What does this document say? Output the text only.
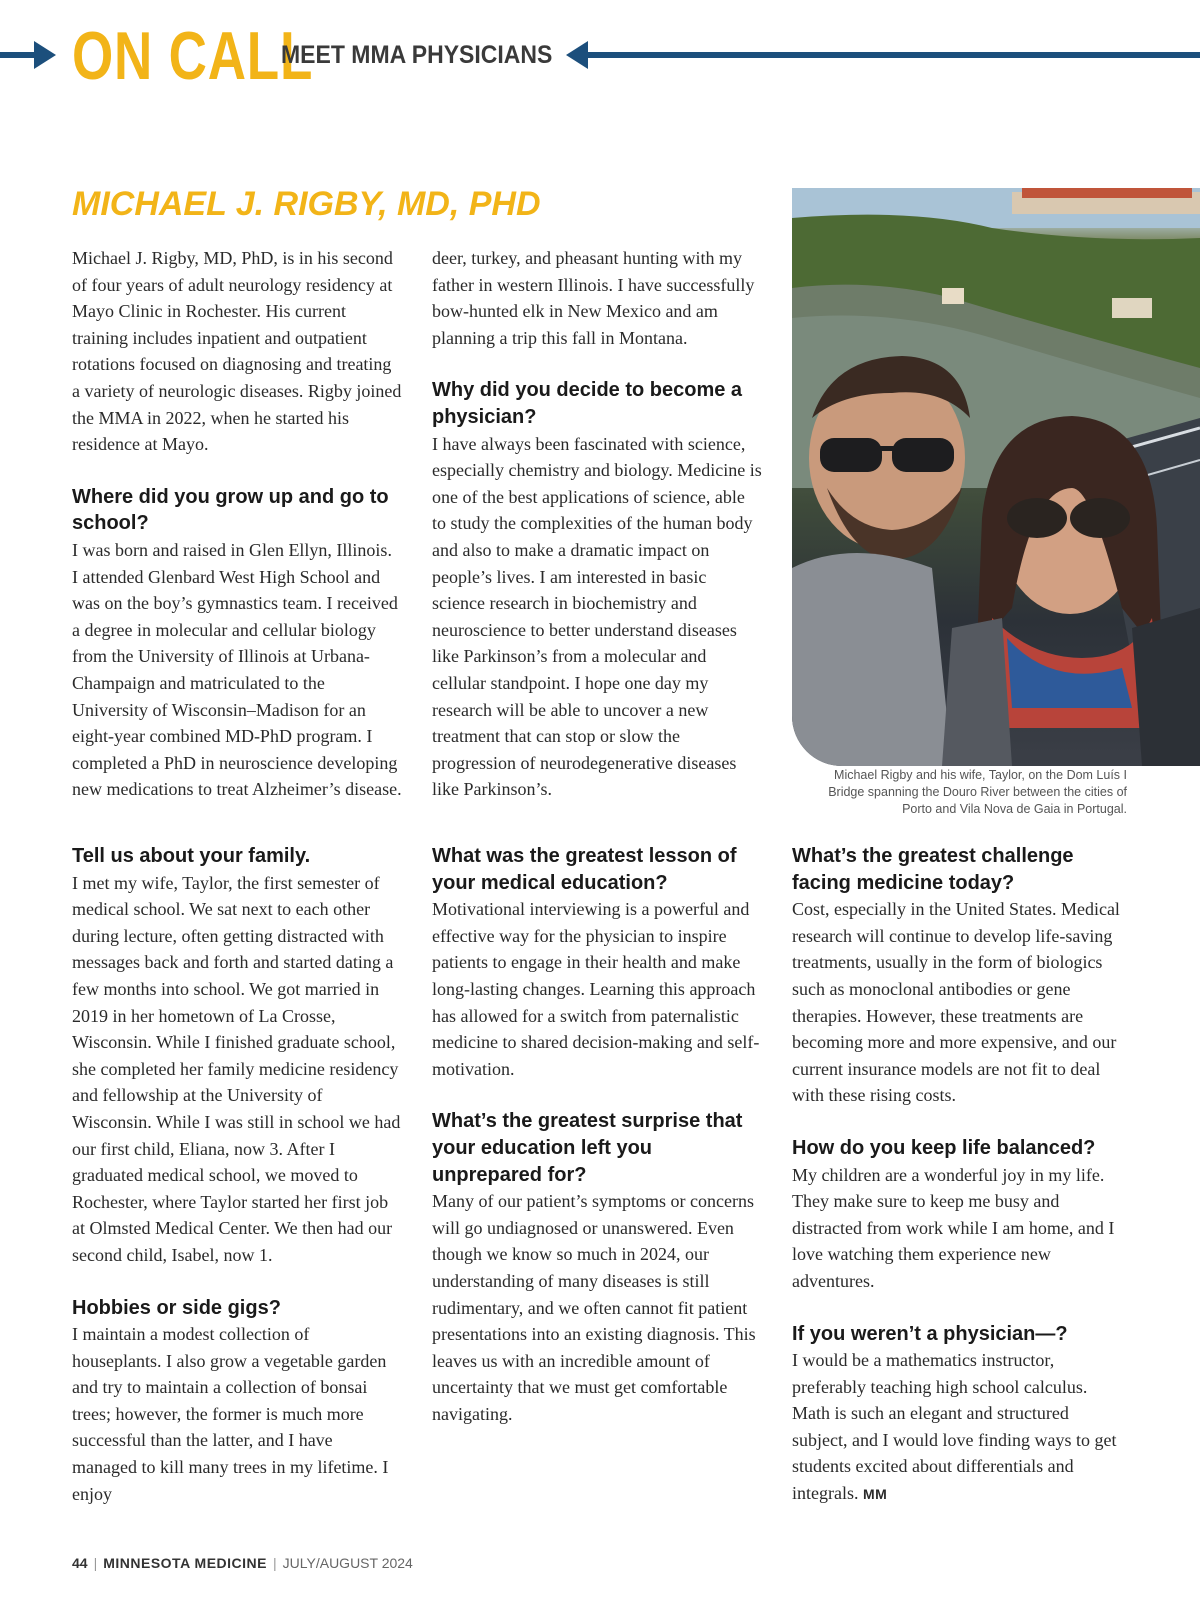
ON CALL
MEET MMA PHYSICIANS
MICHAEL J. RIGBY, MD, PHD

Michael J. Rigby, MD, PhD, is in his second of four years of adult neurology residency at Mayo Clinic in Rochester. His current training includes inpatient and outpatient rotations focused on diagnosing and treating a variety of neurologic diseases. Rigby joined the MMA in 2022, when he started his residence at Mayo.

Where did you grow up and go to school?

I was born and raised in Glen Ellyn, Illinois. I attended Glenbard West High School and was on the boy’s gymnastics team. I received a degree in molecular and cellular biology from the University of Illinois at Urbana-Champaign and matriculated to the University of Wisconsin–Madison for an eight-year combined MD-PhD program. I completed a PhD in neuroscience developing new medications to treat Alzheimer’s disease.

deer, turkey, and pheasant hunting with my father in western Illinois. I have successfully bow-hunted elk in New Mexico and am planning a trip this fall in Montana.

Why did you decide to become a physician?

I have always been fascinated with science, especially chemistry and biology. Medicine is one of the best applications of science, able to study the complexities of the human body and also to make a dramatic impact on people’s lives. I am interested in basic science research in biochemistry and neuroscience to better understand diseases like Parkinson’s from a molecular and cellular standpoint. I hope one day my research will be able to uncover a new treatment that can stop or slow the progression of neurodegenerative diseases like Parkinson’s.

Michael Rigby and his wife, Taylor, on the Dom Luís I Bridge spanning the Douro River between the cities of Porto and Vila Nova de Gaia in Portugal.

Tell us about your family.

I met my wife, Taylor, the first semester of medical school. We sat next to each other during lecture, often getting distracted with messages back and forth and started dating a few months into school. We got married in 2019 in her hometown of La Crosse, Wisconsin. While I finished graduate school, she completed her family medicine residency and fellowship at the University of Wisconsin. While I was still in school we had our first child, Eliana, now 3. After I graduated medical school, we moved to Rochester, where Taylor started her first job at Olmsted Medical Center. We then had our second child, Isabel, now 1.

Hobbies or side gigs?

I maintain a modest collection of houseplants. I also grow a vegetable garden and try to maintain a collection of bonsai trees; however, the former is much more successful than the latter, and I have managed to kill many trees in my lifetime. I enjoy

What was the greatest lesson of your medical education?

Motivational interviewing is a powerful and effective way for the physician to inspire patients to engage in their health and make long-lasting changes. Learning this approach has allowed for a switch from paternalistic medicine to shared decision-making and self-motivation.

What’s the greatest surprise that your education left you unprepared for?

Many of our patient’s symptoms or concerns will go undiagnosed or unanswered. Even though we know so much in 2024, our understanding of many diseases is still rudimentary, and we often cannot fit patient presentations into an existing diagnosis. This leaves us with an incredible amount of uncertainty that we must get comfortable navigating.

What’s the greatest challenge facing medicine today?

Cost, especially in the United States. Medical research will continue to develop life-saving treatments, usually in the form of biologics such as monoclonal antibodies or gene therapies. However, these treatments are becoming more and more expensive, and our current insurance models are not fit to deal with these rising costs.

How do you keep life balanced?

My children are a wonderful joy in my life. They make sure to keep me busy and distracted from work while I am home, and I love watching them experience new adventures.

If you weren’t a physician—?

I would be a mathematics instructor, preferably teaching high school calculus. Math is such an elegant and structured subject, and I would love finding ways to get students excited about differentials and integrals. MM

44 | MINNESOTA MEDICINE | JULY/AUGUST 2024
